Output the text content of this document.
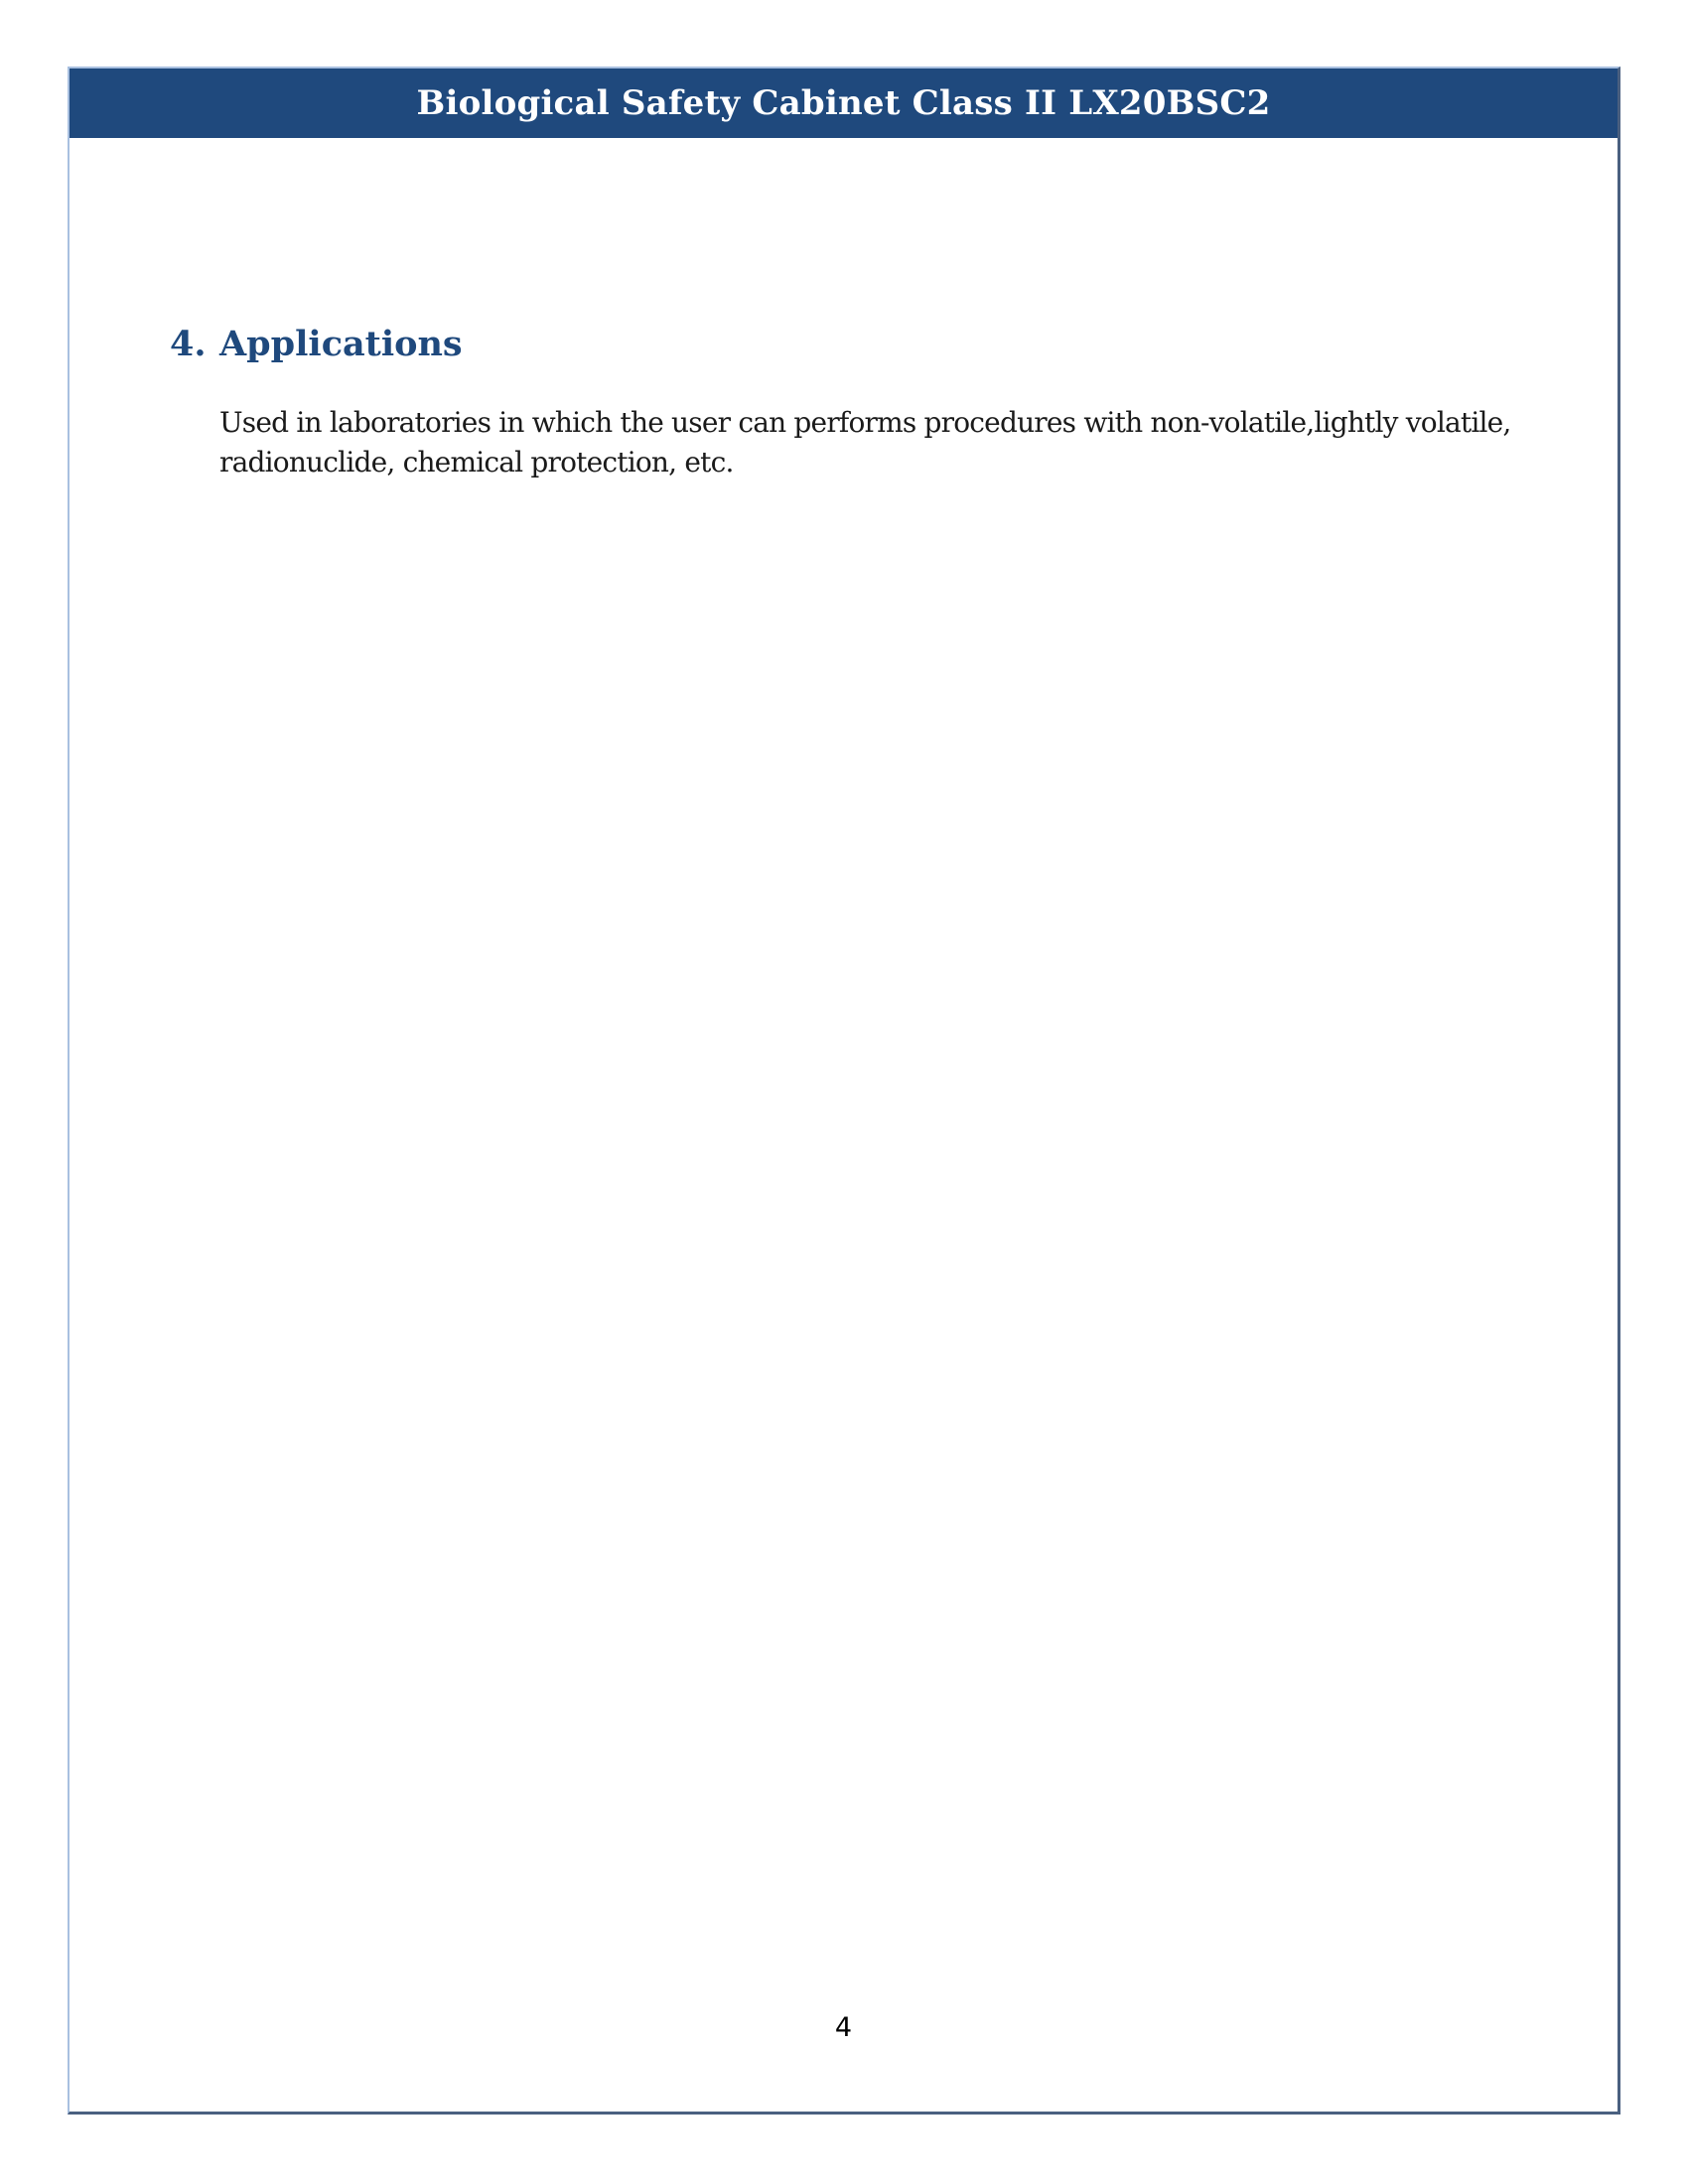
Biological Safety Cabinet Class II LX20BSC2
4. Applications

Used in laboratories in which the user can performs procedures with non-volatile,lightly volatile,

radionuclide, chemical protection, etc.

4
